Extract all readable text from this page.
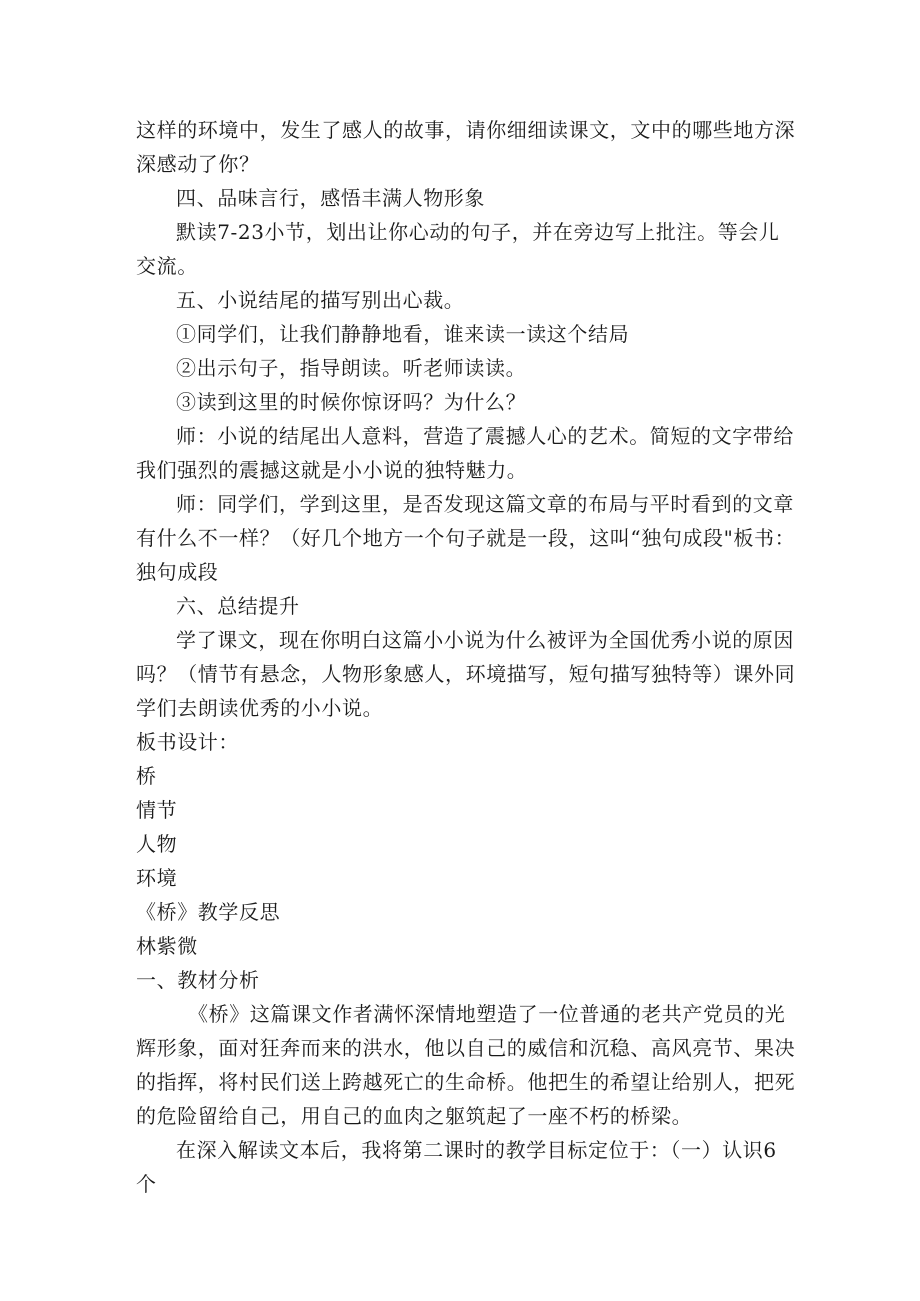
这样的环境中，发生了感人的故事，请你细细读课文，文中的哪些地方深深感动了你？

四、品味言行，感悟丰满人物形象

默读7-23小节，划出让你心动的句子，并在旁边写上批注。等会儿交流。

五、小说结尾的描写别出心裁。

①同学们，让我们静静地看，谁来读一读这个结局

②出示句子，指导朗读。听老师读读。

③读到这里的时候你惊讶吗？为什么？

师：小说的结尾出人意料，营造了震撼人心的艺术。简短的文字带给我们强烈的震撼这就是小小说的独特魅力。

师：同学们，学到这里，是否发现这篇文章的布局与平时看到的文章有什么不一样？（好几个地方一个句子就是一段，这叫“独句成段"板书：独句成段

六、总结提升

学了课文，现在你明白这篇小小说为什么被评为全国优秀小说的原因吗？（情节有悬念，人物形象感人，环境描写，短句描写独特等）课外同学们去朗读优秀的小小说。

板书设计：

桥

情节

人物

环境

《桥》教学反思

林紫微

一、教材分析

《桥》这篇课文作者满怀深情地塑造了一位普通的老共产党员的光辉形象，面对狂奔而来的洪水，他以自己的威信和沉稳、高风亮节、果决的指挥，将村民们送上跨越死亡的生命桥。他把生的希望让给别人，把死的危险留给自己，用自己的血肉之躯筑起了一座不朽的桥梁。

在深入解读文本后，我将第二课时的教学目标定位于：（一）认识6个
